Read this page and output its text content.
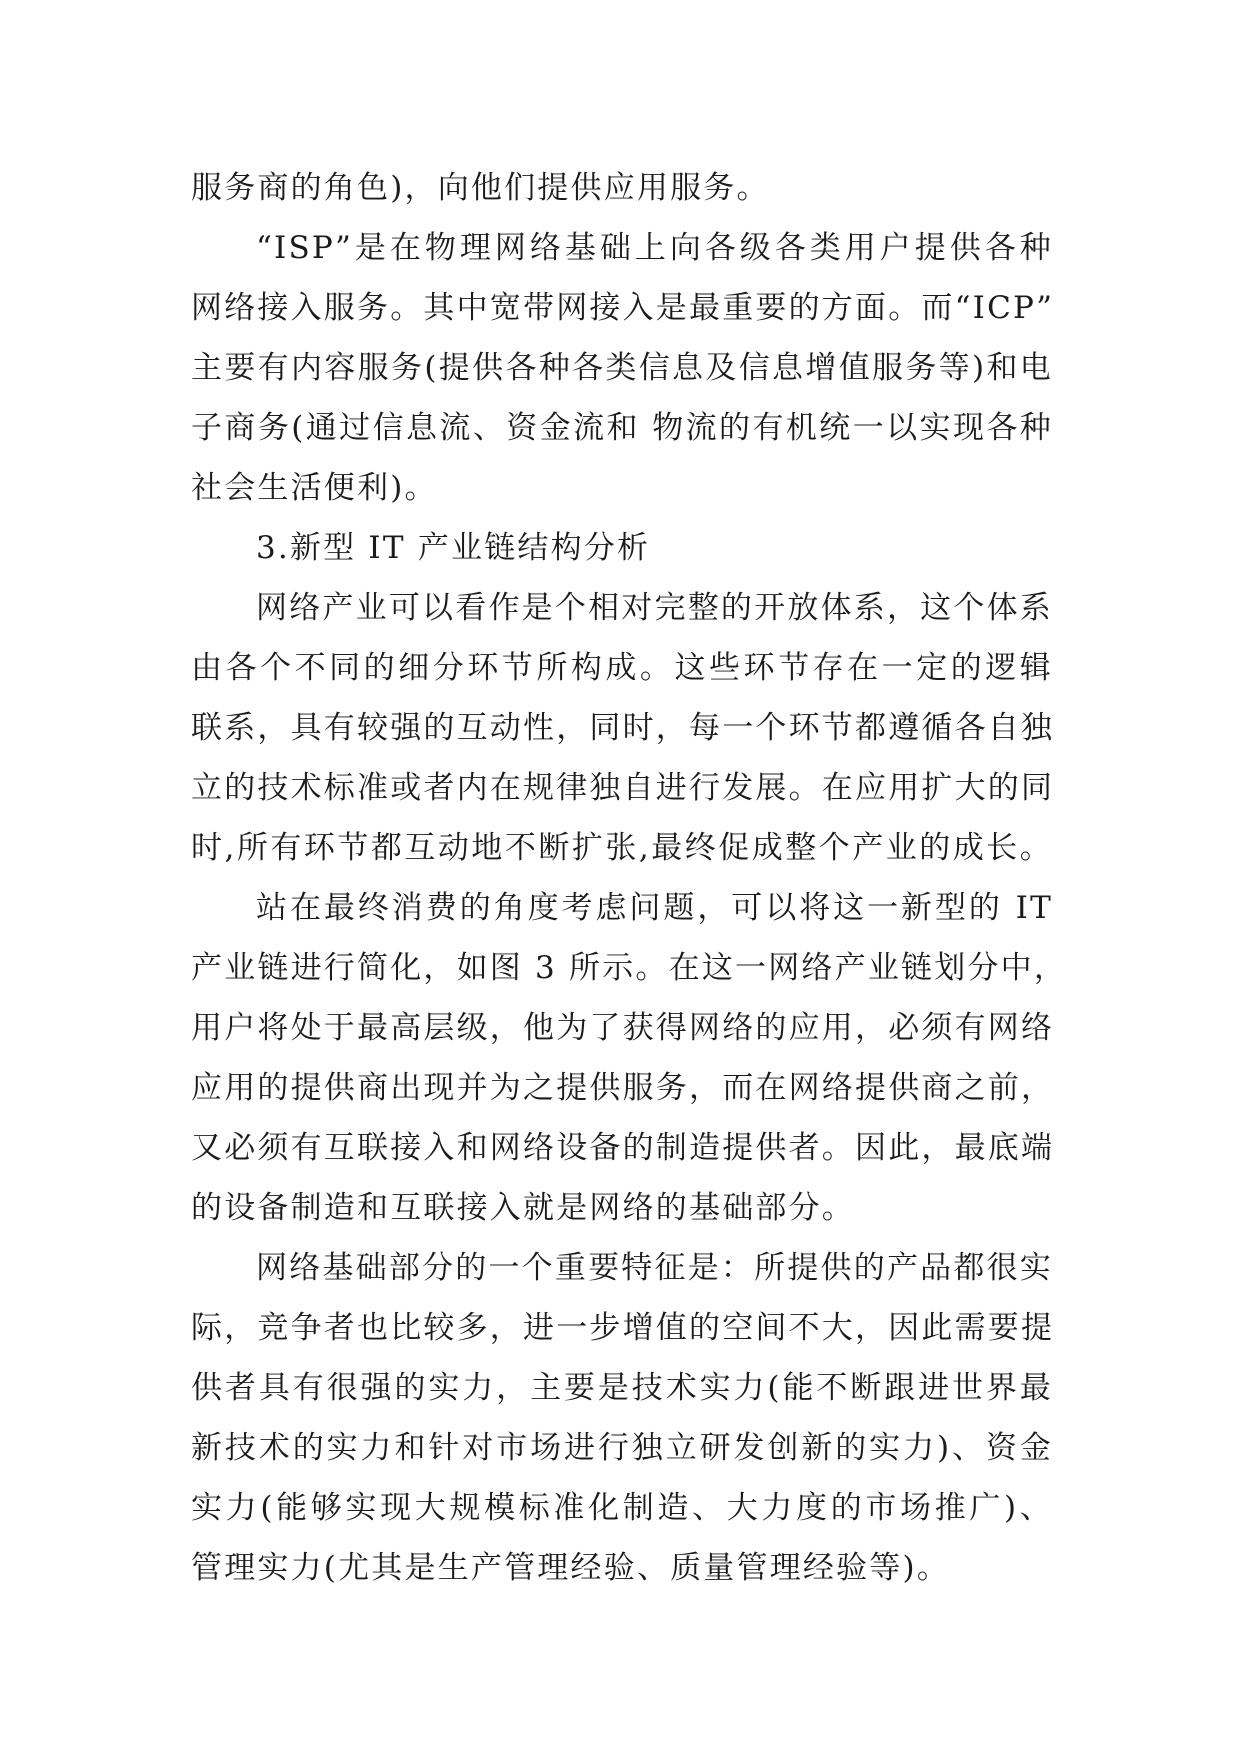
服务商的角色)，向他们提供应用服务。
“ISP”是在物理网络基础上向各级各类用户提供各种
网络接入服务。其中宽带网接入是最重要的方面。而“ICP”
主要有内容服务(提供各种各类信息及信息增值服务等)和电
子商务(通过信息流、资金流和 物流的有机统一以实现各种
社会生活便利)。
3.新型 IT 产业链结构分析
网络产业可以看作是个相对完整的开放体系，这个体系
由各个不同的细分环节所构成。这些环节存在一定的逻辑
联系，具有较强的互动性，同时，每一个环节都遵循各自独
立的技术标准或者内在规律独自进行发展。在应用扩大的同
时,所有环节都互动地不断扩张,最终促成整个产业的成长。
站在最终消费的角度考虑问题，可以将这一新型的 IT
产业链进行简化，如图 3 所示。在这一网络产业链划分中，
用户将处于最高层级，他为了获得网络的应用，必须有网络
应用的提供商出现并为之提供服务，而在网络提供商之前，
又必须有互联接入和网络设备的制造提供者。因此，最底端
的设备制造和互联接入就是网络的基础部分。
网络基础部分的一个重要特征是：所提供的产品都很实
际，竞争者也比较多，进一步增值的空间不大，因此需要提
供者具有很强的实力，主要是技术实力(能不断跟进世界最
新技术的实力和针对市场进行独立研发创新的实力)、资金
实力(能够实现大规模标准化制造、大力度的市场推广)、
管理实力(尤其是生产管理经验、质量管理经验等)。
